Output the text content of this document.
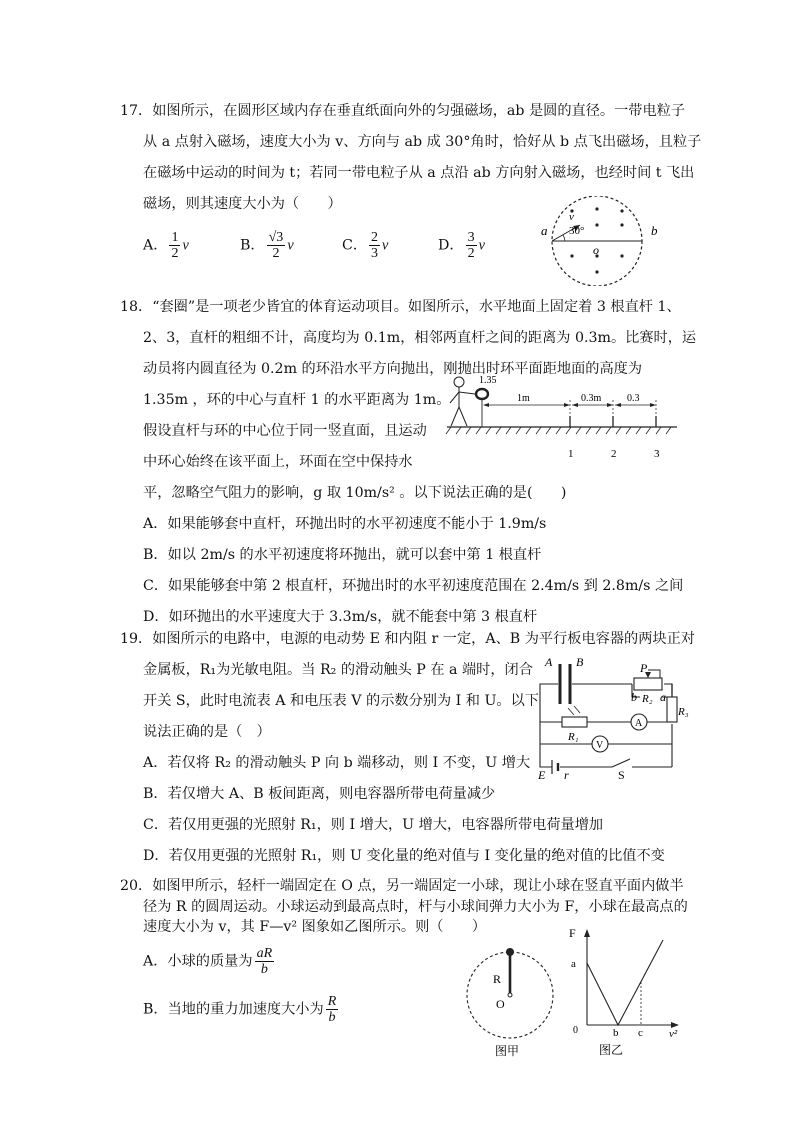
17．如图所示，在圆形区域内存在垂直纸面向外的匀强磁场，ab 是圆的直径。一带电粒子
从 a 点射入磁场，速度大小为 v、方向与 ab 成 30°角时，恰好从 b 点飞出磁场，且粒子
在磁场中运动的时间为 t；若同一带电粒子从 a 点沿 ab 方向射入磁场，也经时间 t 飞出
磁场，则其速度大小为（　　）
A． $\frac{1}{2}$ v	B． $\frac{√3}{2}$ v	C． $\frac{2}{3}$ v	D． $\frac{3}{2}$ v
a	b
o
v
30°
18．“套圈”是一项老少皆宜的体育运动项目。如图所示，水平地面上固定着 3 根直杆 1、
2、3，直杆的粗细不计，高度均为 0.1m，相邻两直杆之间的距离为 0.3m。比赛时，运
动员将内圆直径为 0.2m 的环沿水平方向抛出，刚抛出时环平面距地面的高度为
1.35m ，环的中心与直杆 1 的水平距离为 1m。
假设直杆与环的中心位于同一竖直面，且运动
中环心始终在该平面上，环面在空中保持水
平，忽略空气阻力的影响，g 取 10m/s² 。以下说法正确的是(　　)
A．如果能够套中直杆，环抛出时的水平初速度不能小于 1.9m/s
B．如以 2m/s 的水平初速度将环抛出，就可以套中第 1 根直杆
C．如果能够套中第 2 根直杆，环抛出时的水平初速度范围在 2.4m/s 到 2.8m/s 之间
D．如环抛出的水平速度大于 3.3m/s，就不能套中第 3 根直杆
1.35
1m	0.3m	0.3
1	2	3
19．如图所示的电路中，电源的电动势 E 和内阻 r 一定，A、B 为平行板电容器的两块正对
金属板，R₁为光敏电阻。当 R₂ 的滑动触头 P 在 a 端时，闭合
开关 S，此时电流表 A 和电压表 V 的示数分别为 I 和 U。以下
说法正确的是（　）
A．若仅将 R₂ 的滑动触头 P 向 b 端移动，则 I 不变，U 增大
B．若仅增大 A、B 板间距离，则电容器所带电荷量减少
C．若仅用更强的光照射 R₁，则 I 增大，U 增大，电容器所带电荷量增加
D．若仅用更强的光照射 R₁，则 U 变化量的绝对值与 I 变化量的绝对值的比值不变
A B	P
b R₂ a
R₃
R₁
A
V
E r	S
20．如图甲所示，轻杆一端固定在 O 点，另一端固定一小球，现让小球在竖直平面内做半
径为 R 的圆周运动。小球运动到最高点时，杆与小球间弹力大小为 F，小球在最高点的
速度大小为 v，其 F—v² 图象如乙图所示。则（　　）
A．小球的质量为 $\frac{aR}{b}$
B．当地的重力加速度大小为 $\frac{R}{b}$
R
O
图甲
F
a
0	b c v²
图乙
